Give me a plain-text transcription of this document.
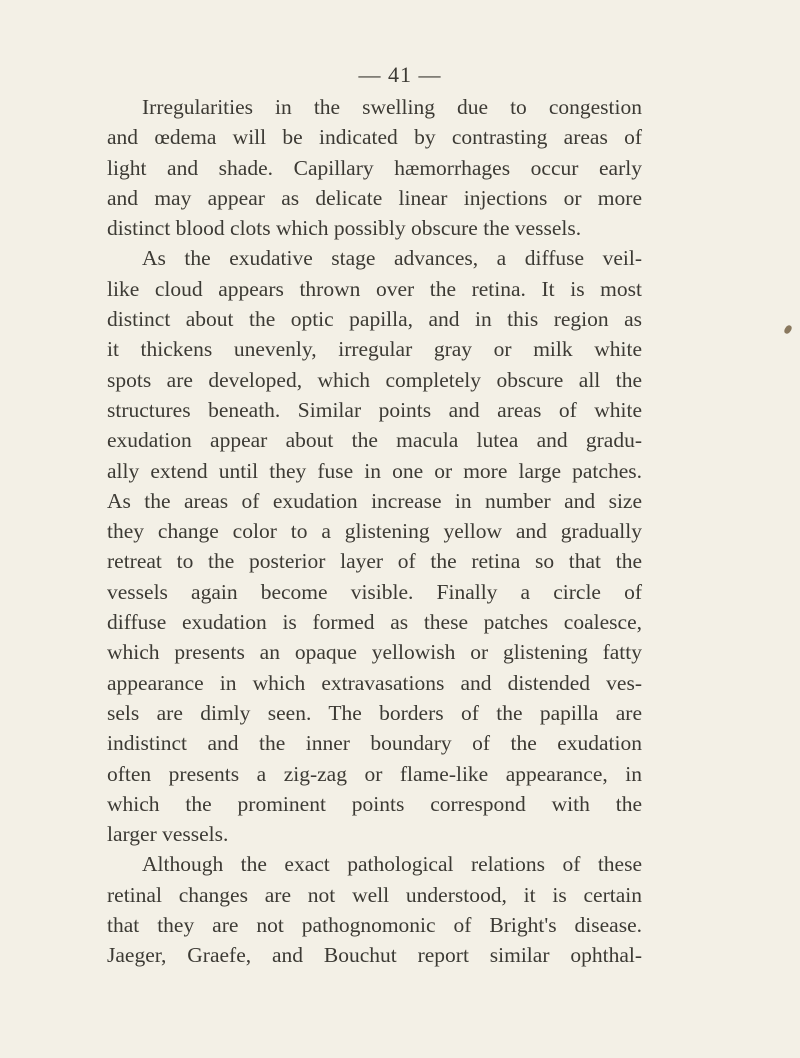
— 41 —
Irregularities in the swelling due to congestion
and œdema will be indicated by contrasting areas of
light and shade. Capillary hæmorrhages occur early
and may appear as delicate linear injections or more
distinct blood clots which possibly obscure the vessels.
As the exudative stage advances, a diffuse veil-
like cloud appears thrown over the retina. It is most
distinct about the optic papilla, and in this region as
it thickens unevenly, irregular gray or milk white
spots are developed, which completely obscure all the
structures beneath. Similar points and areas of white
exudation appear about the macula lutea and gradu-
ally extend until they fuse in one or more large patches.
As the areas of exudation increase in number and size
they change color to a glistening yellow and gradually
retreat to the posterior layer of the retina so that the
vessels again become visible. Finally a circle of
diffuse exudation is formed as these patches coalesce,
which presents an opaque yellowish or glistening fatty
appearance in which extravasations and distended ves-
sels are dimly seen. The borders of the papilla are
indistinct and the inner boundary of the exudation
often presents a zig-zag or flame-like appearance, in
which the prominent points correspond with the
larger vessels.
Although the exact pathological relations of these
retinal changes are not well understood, it is certain
that they are not pathognomonic of Bright's disease.
Jaeger, Graefe, and Bouchut report similar ophthal-
